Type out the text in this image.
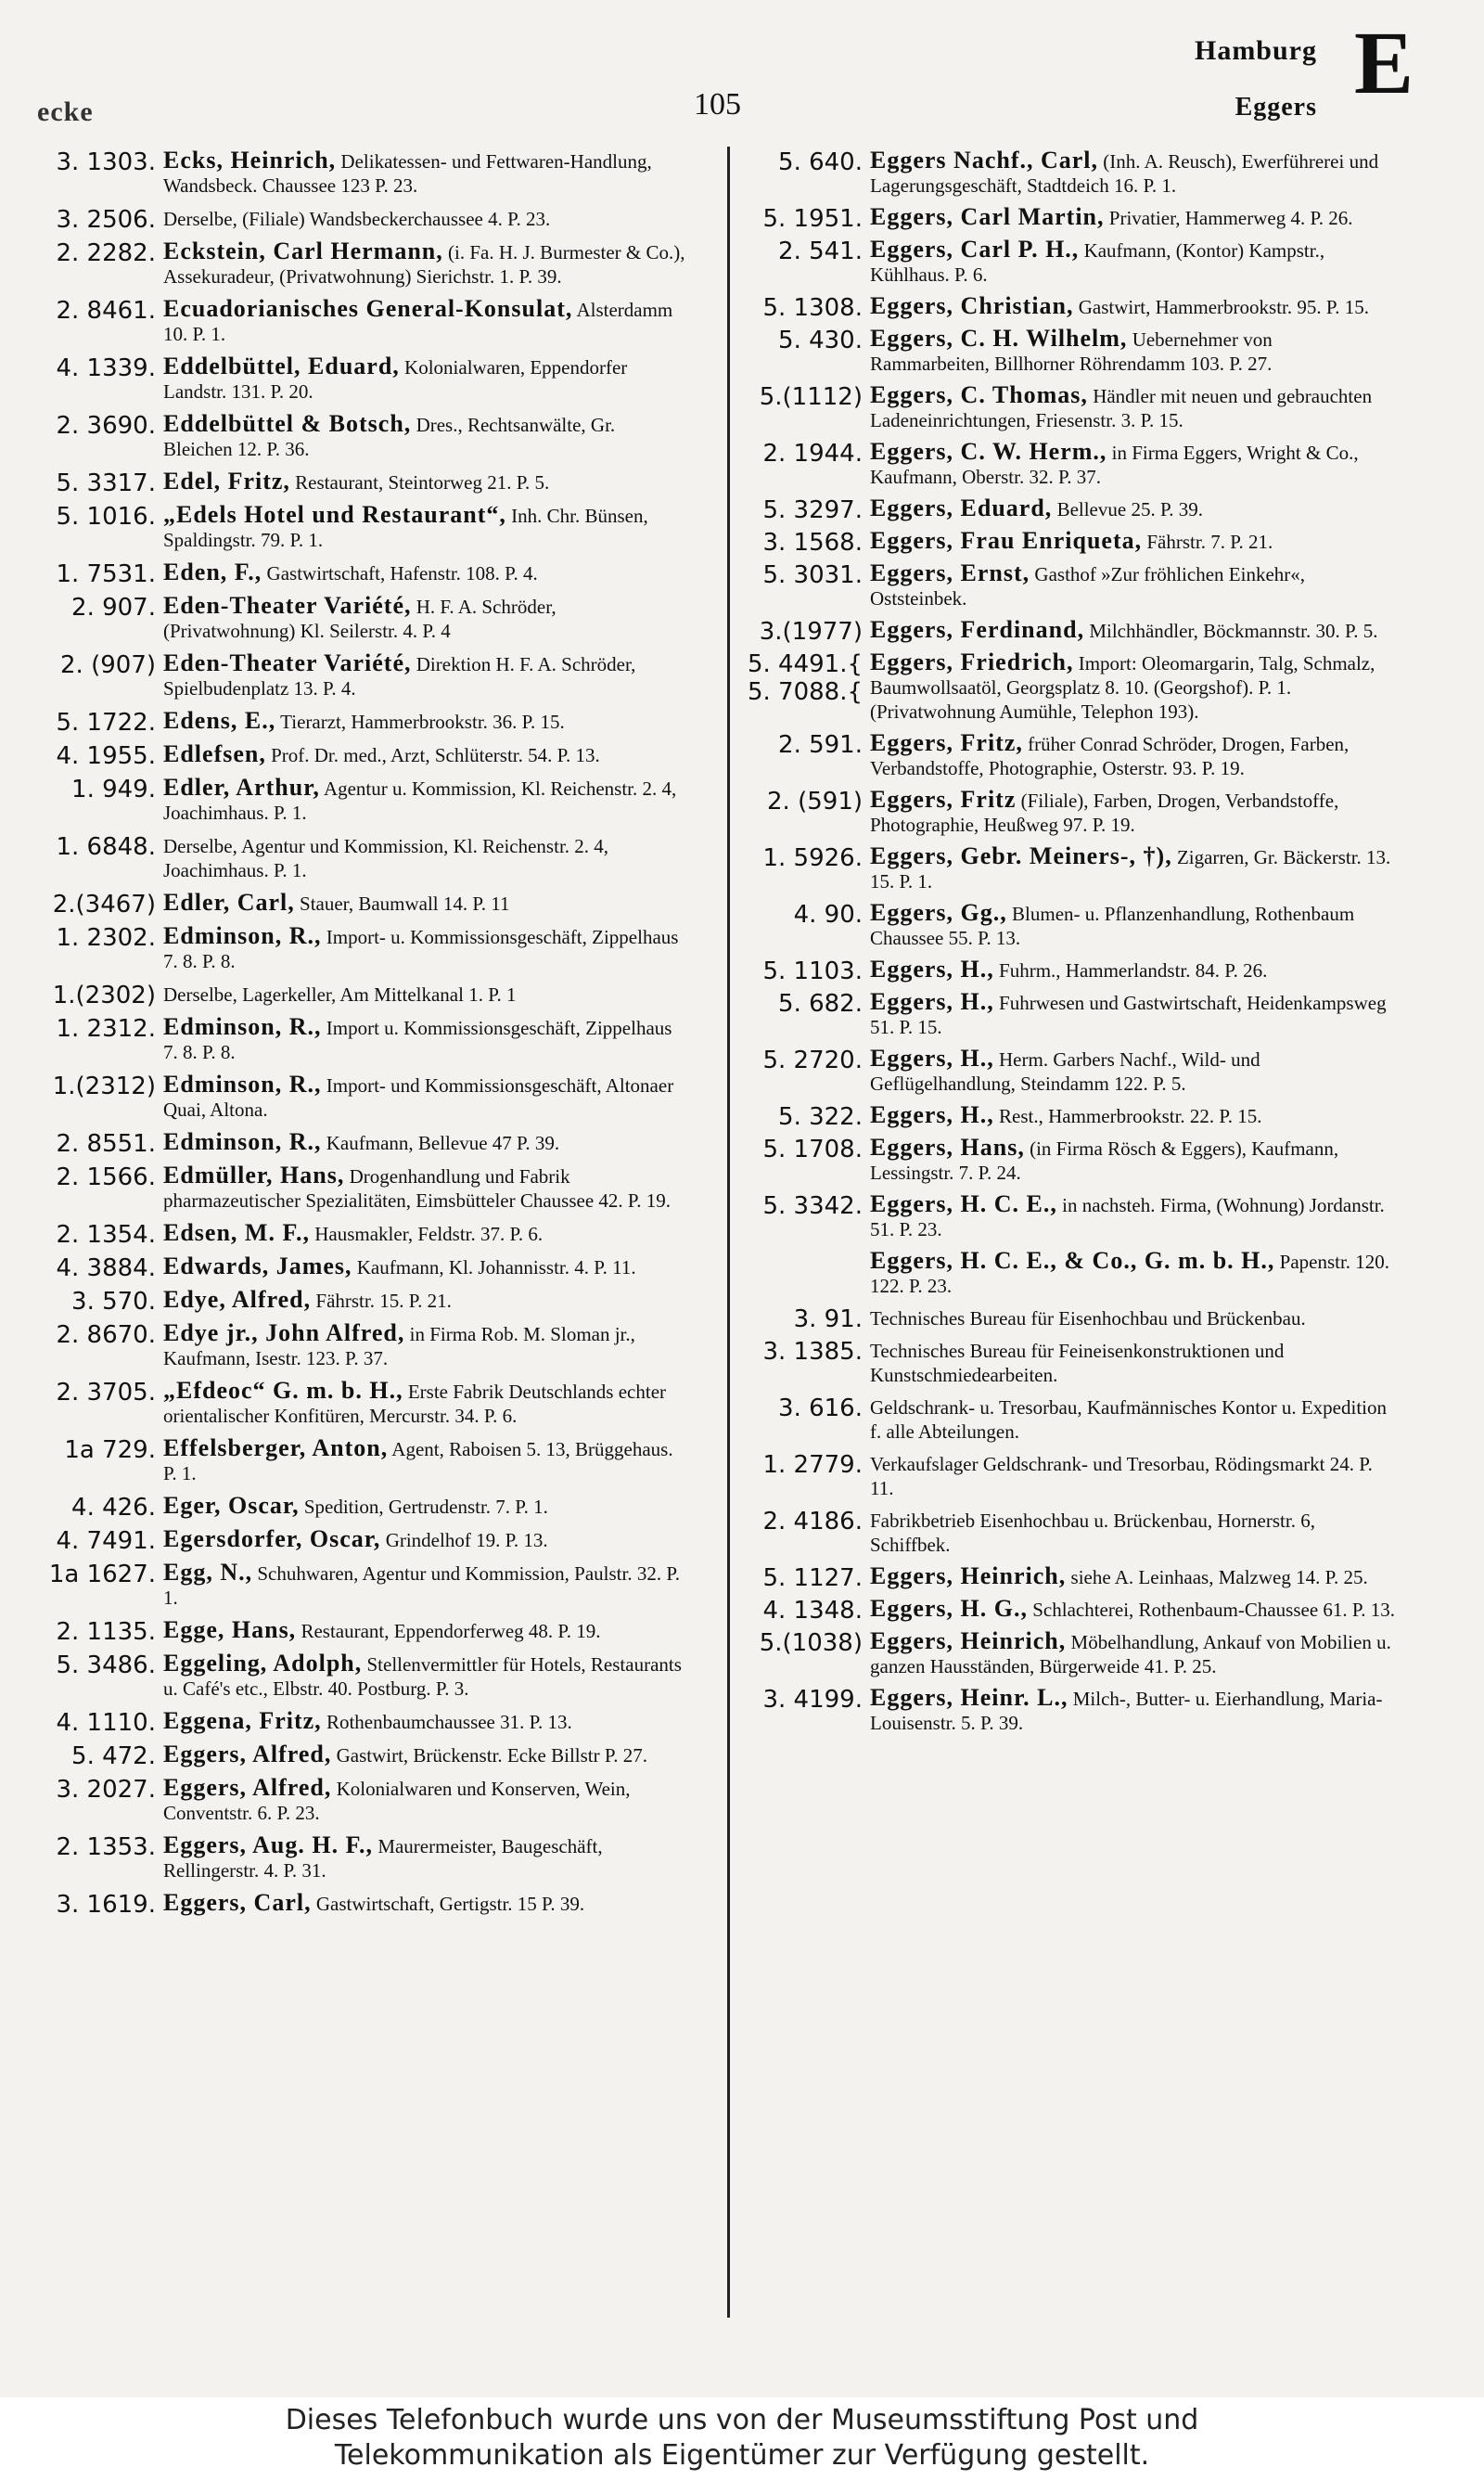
ecke	105
Hamburg
Eggers E
3. 1303. Ecks, Heinrich, Delikatessen- und Fettwaren-Handlung, Wandsbeck. Chaussee 123 P. 23.
3. 2506. Derselbe, (Filiale) Wandsbeckerchaussee 4. P. 23.
2. 2282. Eckstein, Carl Hermann, (i. Fa. H. J. Burmester & Co.), Assekuradeur, (Privatwohnung) Sierichstr. 1. P. 39.
2. 8461. Ecuadorianisches General-Konsulat, Alsterdamm 10. P. 1.
4. 1339. Eddelbüttel, Eduard, Kolonialwaren, Eppendorfer Landstr. 131. P. 20.
2. 3690. Eddelbüttel & Botsch, Dres., Rechtsanwälte, Gr. Bleichen 12. P. 36.
5. 3317. Edel, Fritz, Restaurant, Steintorweg 21. P. 5.
5. 1016. „Edels Hotel und Restaurant“, Inh. Chr. Bünsen, Spaldingstr. 79. P. 1.
1. 7531. Eden, F., Gastwirtschaft, Hafenstr. 108. P. 4.
2. 907. Eden-Theater Variété, H. F. A. Schröder, (Privatwohnung) Kl. Seilerstr. 4. P. 4
2. (907) Eden-Theater Variété, Direktion H. F. A. Schröder, Spielbudenplatz 13. P. 4.
5. 1722. Edens, E., Tierarzt, Hammerbrookstr. 36. P. 15.
4. 1955. Edlefsen, Prof. Dr. med., Arzt, Schlüterstr. 54. P. 13.
1. 949. Edler, Arthur, Agentur u. Kommission, Kl. Reichenstr. 2. 4, Joachimhaus. P. 1.
1. 6848. Derselbe, Agentur und Kommission, Kl. Reichenstr. 2. 4, Joachimhaus. P. 1.
2.(3467) Edler, Carl, Stauer, Baumwall 14. P. 11
1. 2302. Edminson, R., Import- u. Kommissionsgeschäft, Zippelhaus 7. 8. P. 8.
1.(2302) Derselbe, Lagerkeller, Am Mittelkanal 1. P. 1
1. 2312. Edminson, R., Import u. Kommissionsgeschäft, Zippelhaus 7. 8. P. 8.
1.(2312) Edminson, R., Import- und Kommissionsgeschäft, Altonaer Quai, Altona.
2. 8551. Edminson, R., Kaufmann, Bellevue 47 P. 39.
2. 1566. Edmüller, Hans, Drogenhandlung und Fabrik pharmazeutischer Spezialitäten, Eimsbütteler Chaussee 42. P. 19.
2. 1354. Edsen, M. F., Hausmakler, Feldstr. 37. P. 6.
4. 3884. Edwards, James, Kaufmann, Kl. Johannisstr. 4. P. 11.
3. 570. Edye, Alfred, Fährstr. 15. P. 21.
2. 8670. Edye jr., John Alfred, in Firma Rob. M. Sloman jr., Kaufmann, Isestr. 123. P. 37.
2. 3705. „Efdeoc“ G. m. b. H., Erste Fabrik Deutschlands echter orientalischer Konfitüren, Mercurstr. 34. P. 6.
1a 729. Effelsberger, Anton, Agent, Raboisen 5. 13, Brüggehaus. P. 1.
4. 426. Eger, Oscar, Spedition, Gertrudenstr. 7. P. 1.
4. 7491. Egersdorfer, Oscar, Grindelhof 19. P. 13.
1a 1627. Egg, N., Schuhwaren, Agentur und Kommission, Paulstr. 32. P. 1.
2. 1135. Egge, Hans, Restaurant, Eppendorferweg 48. P. 19.
5. 3486. Eggeling, Adolph, Stellenvermittler für Hotels, Restaurants u. Café's etc., Elbstr. 40. Postburg. P. 3.
4. 1110. Eggena, Fritz, Rothenbaumchaussee 31. P. 13.
5. 472. Eggers, Alfred, Gastwirt, Brückenstr. Ecke Billstr P. 27.
3. 2027. Eggers, Alfred, Kolonialwaren und Konserven, Wein, Conventstr. 6. P. 23.
2. 1353. Eggers, Aug. H. F., Maurermeister, Baugeschäft, Rellingerstr. 4. P. 31.
3. 1619. Eggers, Carl, Gastwirtschaft, Gertigstr. 15 P. 39.
5. 640. Eggers Nachf., Carl, (Inh. A. Reusch), Ewerführerei und Lagerungsgeschäft, Stadtdeich 16. P. 1.
5. 1951. Eggers, Carl Martin, Privatier, Hammerweg 4. P. 26.
2. 541. Eggers, Carl P. H., Kaufmann, (Kontor) Kampstr., Kühlhaus. P. 6.
5. 1308. Eggers, Christian, Gastwirt, Hammerbrookstr. 95. P. 15.
5. 430. Eggers, C. H. Wilhelm, Uebernehmer von Rammarbeiten, Billhorner Röhrendamm 103. P. 27.
5.(1112) Eggers, C. Thomas, Händler mit neuen und gebrauchten Ladeneinrichtungen, Friesenstr. 3. P. 15.
2. 1944. Eggers, C. W. Herm., in Firma Eggers, Wright & Co., Kaufmann, Oberstr. 32. P. 37.
5. 3297. Eggers, Eduard, Bellevue 25. P. 39.
3. 1568. Eggers, Frau Enriqueta, Fährstr. 7. P. 21.
5. 3031. Eggers, Ernst, Gasthof »Zur fröhlichen Einkehr«, Oststeinbek.
3.(1977) Eggers, Ferdinand, Milchhändler, Böckmannstr. 30. P. 5.
5. 4491.{
5. 7088.{
Eggers, Friedrich, Import: Oleomargarin, Talg, Schmalz, Baumwollsaatöl, Georgsplatz 8. 10. (Georgshof). P. 1. (Privatwohnung Aumühle, Telephon 193).
2. 591. Eggers, Fritz, früher Conrad Schröder, Drogen, Farben, Verbandstoffe, Photographie, Osterstr. 93. P. 19.
2. (591) Eggers, Fritz (Filiale), Farben, Drogen, Verbandstoffe, Photographie, Heußweg 97. P. 19.
1. 5926. Eggers, Gebr. Meiners-, †), Zigarren, Gr. Bäckerstr. 13. 15. P. 1.
4. 90. Eggers, Gg., Blumen- u. Pflanzenhandlung, Rothenbaum Chaussee 55. P. 13.
5. 1103. Eggers, H., Fuhrm., Hammerlandstr. 84. P. 26.
5. 682. Eggers, H., Fuhrwesen und Gastwirtschaft, Heidenkampsweg 51. P. 15.
5. 2720. Eggers, H., Herm. Garbers Nachf., Wild- und Geflügelhandlung, Steindamm 122. P. 5.
5. 322. Eggers, H., Rest., Hammerbrookstr. 22. P. 15.
5. 1708. Eggers, Hans, (in Firma Rösch & Eggers), Kaufmann, Lessingstr. 7. P. 24.
5. 3342. Eggers, H. C. E., in nachsteh. Firma, (Wohnung) Jordanstr. 51. P. 23.
Eggers, H. C. E., & Co., G. m. b. H., Papenstr. 120. 122. P. 23.
3. 91. Technisches Bureau für Eisenhochbau und Brückenbau.
3. 1385. Technisches Bureau für Feineisenkonstruktionen und Kunstschmiedearbeiten.
3. 616. Geldschrank- u. Tresorbau, Kaufmännisches Kontor u. Expedition f. alle Abteilungen.
1. 2779. Verkaufslager Geldschrank- und Tresorbau, Rödingsmarkt 24. P. 11.
2. 4186. Fabrikbetrieb Eisenhochbau u. Brückenbau, Hornerstr. 6, Schiffbek.
5. 1127. Eggers, Heinrich, siehe A. Leinhaas, Malzweg 14. P. 25.
4. 1348. Eggers, H. G., Schlachterei, Rothenbaum-Chaussee 61. P. 13.
5.(1038) Eggers, Heinrich, Möbelhandlung, Ankauf von Mobilien u. ganzen Hausständen, Bürgerweide 41. P. 25.
3. 4199. Eggers, Heinr. L., Milch-, Butter- u. Eierhandlung, Maria-Louisenstr. 5. P. 39.
Dieses Telefonbuch wurde uns von der Museumsstiftung Post und
Telekommunikation als Eigentümer zur Verfügung gestellt.
